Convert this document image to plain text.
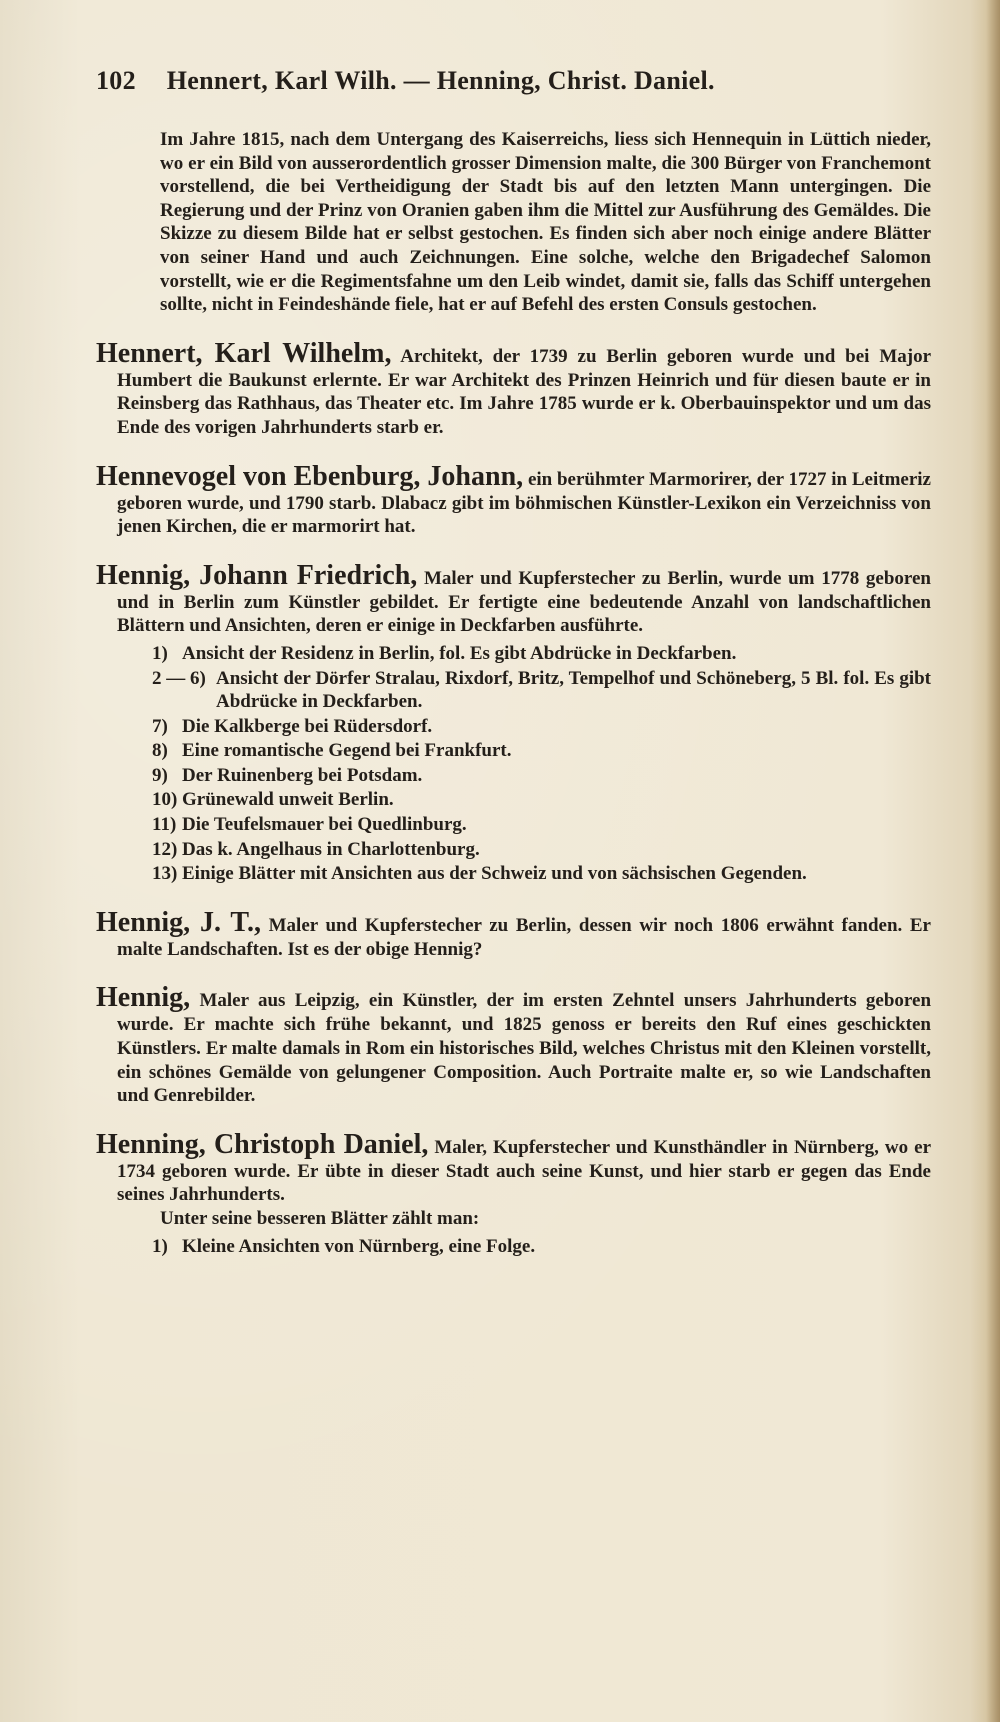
102 Hennert, Karl Wilh. — Henning, Christ. Daniel.
Im Jahre 1815, nach dem Untergang des Kaiserreichs, liess sich Hennequin in Lüttich nieder, wo er ein Bild von ausserordentlich grosser Dimension malte, die 300 Bürger von Franchemont vorstellend, die bei Vertheidigung der Stadt bis auf den letzten Mann untergingen. Die Regierung und der Prinz von Oranien gaben ihm die Mittel zur Ausführung des Gemäldes. Die Skizze zu diesem Bilde hat er selbst gestochen. Es finden sich aber noch einige andere Blätter von seiner Hand und auch Zeichnungen. Eine solche, welche den Brigadechef Salomon vorstellt, wie er die Regimentsfahne um den Leib windet, damit sie, falls das Schiff untergehen sollte, nicht in Feindeshände fiele, hat er auf Befehl des ersten Consuls gestochen.
Hennert, Karl Wilhelm, Architekt, der 1739 zu Berlin geboren wurde und bei Major Humbert die Baukunst erlernte. Er war Architekt des Prinzen Heinrich und für diesen baute er in Reinsberg das Rathhaus, das Theater etc. Im Jahre 1785 wurde er k. Oberbauinspektor und um das Ende des vorigen Jahrhunderts starb er.
Hennevogel von Ebenburg, Johann, ein berühmter Marmorirer, der 1727 in Leitmeriz geboren wurde, und 1790 starb. Dlabacz gibt im böhmischen Künstler-Lexikon ein Verzeichniss von jenen Kirchen, die er marmorirt hat.
Hennig, Johann Friedrich, Maler und Kupferstecher zu Berlin, wurde um 1778 geboren und in Berlin zum Künstler gebildet. Er fertigte eine bedeutende Anzahl von landschaftlichen Blättern und Ansichten, deren er einige in Deckfarben ausführte.
1) Ansicht der Residenz in Berlin, fol. Es gibt Abdrücke in Deckfarben.
2 — 6) Ansicht der Dörfer Stralau, Rixdorf, Britz, Tempelhof und Schöneberg, 5 Bl. fol. Es gibt Abdrücke in Deckfarben.
7) Die Kalkberge bei Rüdersdorf.
8) Eine romantische Gegend bei Frankfurt.
9) Der Ruinenberg bei Potsdam.
10) Grünewald unweit Berlin.
11) Die Teufelsmauer bei Quedlinburg.
12) Das k. Angelhaus in Charlottenburg.
13) Einige Blätter mit Ansichten aus der Schweiz und von sächsischen Gegenden.
Hennig, J. T., Maler und Kupferstecher zu Berlin, dessen wir noch 1806 erwähnt fanden. Er malte Landschaften. Ist es der obige Hennig?
Hennig, Maler aus Leipzig, ein Künstler, der im ersten Zehntel unsers Jahrhunderts geboren wurde. Er machte sich frühe bekannt, und 1825 genoss er bereits den Ruf eines geschickten Künstlers. Er malte damals in Rom ein historisches Bild, welches Christus mit den Kleinen vorstellt, ein schönes Gemälde von gelungener Composition. Auch Portraite malte er, so wie Landschaften und Genrebilder.
Henning, Christoph Daniel, Maler, Kupferstecher und Kunsthändler in Nürnberg, wo er 1734 geboren wurde. Er übte in dieser Stadt auch seine Kunst, und hier starb er gegen das Ende seines Jahrhunderts.
Unter seine besseren Blätter zählt man:
1) Kleine Ansichten von Nürnberg, eine Folge.
